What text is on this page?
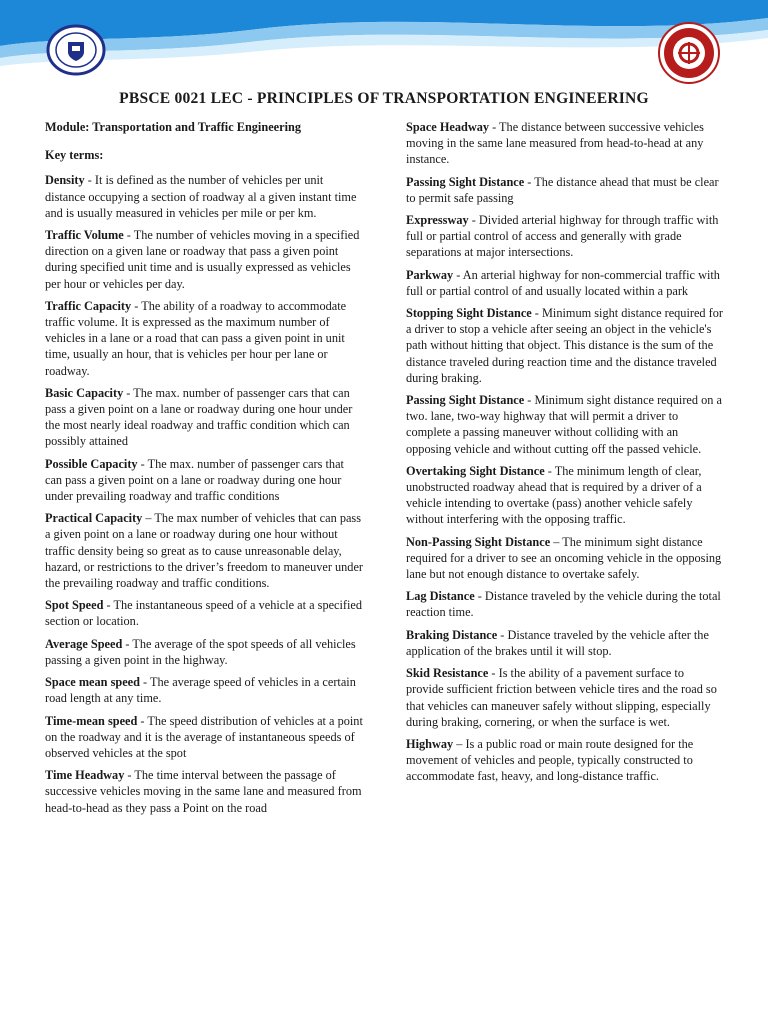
PBSCE 0021 LEC - PRINCIPLES OF TRANSPORTATION ENGINEERING

Module: Transportation and Traffic Engineering

Key terms:

Density - It is defined as the number of vehicles per unit distance occupying a section of roadway al a given instant time and is usually measured in vehicles per mile or per km.

Traffic Volume - The number of vehicles moving in a specified direction on a given lane or roadway that pass a given point during specified unit time and is usually expressed as vehicles per hour or vehicles per day.

Traffic Capacity - The ability of a roadway to accommodate traffic volume. It is expressed as the maximum number of vehicles in a lane or a road that can pass a given point in unit time, usually an hour, that is vehicles per hour per lane or roadway.

Basic Capacity - The max. number of passenger cars that can pass a given point on a lane or roadway during one hour under the most nearly ideal roadway and traffic condition which can possibly attained

Possible Capacity - The max. number of passenger cars that can pass a given point on a lane or roadway during one hour under prevailing roadway and traffic conditions

Practical Capacity – The max number of vehicles that can pass a given point on a lane or roadway during one hour without traffic density being so great as to cause unreasonable delay, hazard, or restrictions to the driver’s freedom to maneuver under the prevailing roadway and traffic conditions.

Spot Speed - The instantaneous speed of a vehicle at a specified section or location.

Average Speed - The average of the spot speeds of all vehicles passing a given point in the highway.

Space mean speed - The average speed of vehicles in a certain road length at any time.

Time-mean speed - The speed distribution of vehicles at a point on the roadway and it is the average of instantaneous speeds of observed vehicles at the spot

Time Headway - The time interval between the passage of successive vehicles moving in the same lane and measured from head-to-head as they pass a Point on the road

Space Headway - The distance between successive vehicles moving in the same lane measured from head-to-head at any instance.

Passing Sight Distance - The distance ahead that must be clear to permit safe passing

Expressway - Divided arterial highway for through traffic with full or partial control of access and generally with grade separations at major intersections.

Parkway - An arterial highway for non-commercial traffic with full or partial control of and usually located within a park

Stopping Sight Distance - Minimum sight distance required for a driver to stop a vehicle after seeing an object in the vehicle's path without hitting that object. This distance is the sum of the distance traveled during reaction time and the distance traveled during braking.

Passing Sight Distance - Minimum sight distance required on a two. lane, two-way highway that will permit a driver to complete a passing maneuver without colliding with an opposing vehicle and without cutting off the passed vehicle.

Overtaking Sight Distance - The minimum length of clear, unobstructed roadway ahead that is required by a driver of a vehicle intending to overtake (pass) another vehicle safely without interfering with the opposing traffic.

Non-Passing Sight Distance – The minimum sight distance required for a driver to see an oncoming vehicle in the opposing lane but not enough distance to overtake safely.

Lag Distance - Distance traveled by the vehicle during the total reaction time.

Braking Distance - Distance traveled by the vehicle after the application of the brakes until it will stop.

Skid Resistance - Is the ability of a pavement surface to provide sufficient friction between vehicle tires and the road so that vehicles can maneuver safely without slipping, especially during braking, cornering, or when the surface is wet.

Highway – Is a public road or main route designed for the movement of vehicles and people, typically constructed to accommodate fast, heavy, and long-distance traffic.
